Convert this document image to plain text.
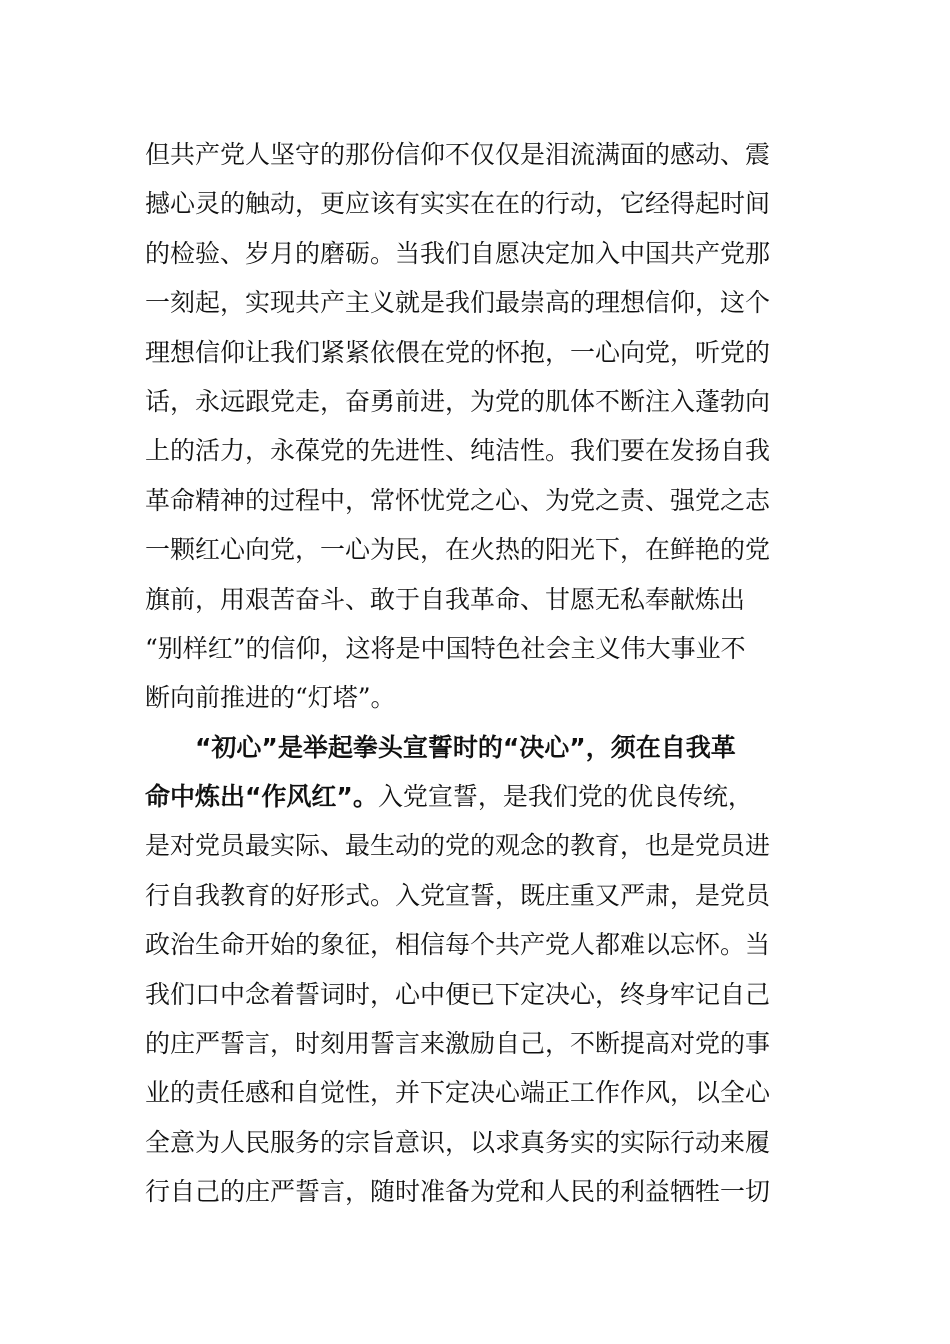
但共产党人坚守的那份信仰不仅仅是泪流满面的感动、震
撼心灵的触动，更应该有实实在在的行动，它经得起时间
的检验、岁月的磨砺。当我们自愿决定加入中国共产党那
一刻起，实现共产主义就是我们最崇高的理想信仰，这个
理想信仰让我们紧紧依偎在党的怀抱，一心向党，听党的
话，永远跟党走，奋勇前进，为党的肌体不断注入蓬勃向
上的活力，永葆党的先进性、纯洁性。我们要在发扬自我
革命精神的过程中，常怀忧党之心、为党之责、强党之志
一颗红心向党，一心为民，在火热的阳光下，在鲜艳的党
旗前，用艰苦奋斗、敢于自我革命、甘愿无私奉献炼出
“别样红”的信仰，这将是中国特色社会主义伟大事业不
断向前推进的“灯塔”。
“初心”是举起拳头宣誓时的“决心”，须在自我革
命中炼出“作风红”。入党宣誓，是我们党的优良传统，
是对党员最实际、最生动的党的观念的教育，也是党员进
行自我教育的好形式。入党宣誓，既庄重又严肃，是党员
政治生命开始的象征，相信每个共产党人都难以忘怀。当
我们口中念着誓词时，心中便已下定决心，终身牢记自己
的庄严誓言，时刻用誓言来激励自己，不断提高对党的事
业的责任感和自觉性，并下定决心端正工作作风，以全心
全意为人民服务的宗旨意识，以求真务实的实际行动来履
行自己的庄严誓言，随时准备为党和人民的利益牺牲一切
